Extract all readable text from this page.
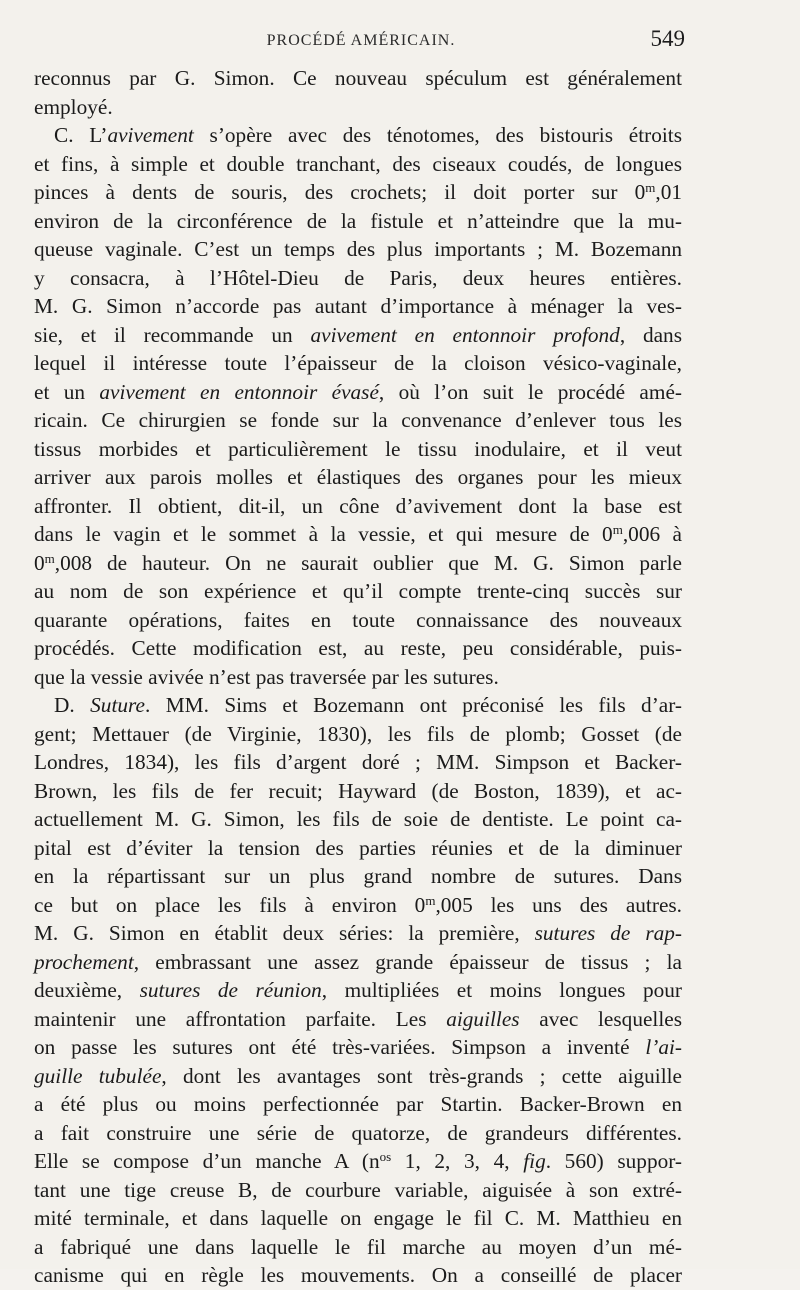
PROCÉDÉ AMÉRICAIN.	549
reconnus par G. Simon. Ce nouveau spéculum est généralement
employé.
C. L’avivement s’opère avec des ténotomes, des bistouris étroits
et fins, à simple et double tranchant, des ciseaux coudés, de longues
pinces à dents de souris, des crochets; il doit porter sur 0$^m$,01
environ de la circonférence de la fistule et n’atteindre que la mu-
queuse vaginale. C’est un temps des plus importants ; M. Bozemann
y consacra, à l’Hôtel-Dieu de Paris, deux heures entières.
M. G. Simon n’accorde pas autant d’importance à ménager la ves-
sie, et il recommande un avivement en entonnoir profond, dans
lequel il intéresse toute l’épaisseur de la cloison vésico-vaginale,
et un avivement en entonnoir évasé, où l’on suit le procédé amé-
ricain. Ce chirurgien se fonde sur la convenance d’enlever tous les
tissus morbides et particulièrement le tissu inodulaire, et il veut
arriver aux parois molles et élastiques des organes pour les mieux
affronter. Il obtient, dit-il, un cône d’avivement dont la base est
dans le vagin et le sommet à la vessie, et qui mesure de 0$^m$,006 à
0$^m$,008 de hauteur. On ne saurait oublier que M. G. Simon parle
au nom de son expérience et qu’il compte trente-cinq succès sur
quarante opérations, faites en toute connaissance des nouveaux
procédés. Cette modification est, au reste, peu considérable, puis-
que la vessie avivée n’est pas traversée par les sutures.
D. Suture. MM. Sims et Bozemann ont préconisé les fils d’ar-
gent; Mettauer (de Virginie, 1830), les fils de plomb; Gosset (de
Londres, 1834), les fils d’argent doré ; MM. Simpson et Backer-
Brown, les fils de fer recuit; Hayward (de Boston, 1839), et ac-
actuellement M. G. Simon, les fils de soie de dentiste. Le point ca-
pital est d’éviter la tension des parties réunies et de la diminuer
en la répartissant sur un plus grand nombre de sutures. Dans
ce but on place les fils à environ 0$^m$,005 les uns des autres.
M. G. Simon en établit deux séries: la première, sutures de rap-
prochement, embrassant une assez grande épaisseur de tissus ; la
deuxième, sutures de réunion, multipliées et moins longues pour
maintenir une affrontation parfaite. Les aiguilles avec lesquelles
on passe les sutures ont été très-variées. Simpson a inventé l’ai-
guille tubulée, dont les avantages sont très-grands ; cette aiguille
a été plus ou moins perfectionnée par Startin. Backer-Brown en
a fait construire une série de quatorze, de grandeurs différentes.
Elle se compose d’un manche A ($n^{os}$ 1, 2, 3, 4, fig. 560) suppor-
tant une tige creuse B, de courbure variable, aiguisée à son extré-
mité terminale, et dans laquelle on engage le fil C. M. Matthieu en
a fabriqué une dans laquelle le fil marche au moyen d’un mé-
canisme qui en règle les mouvements. On a conseillé de placer
